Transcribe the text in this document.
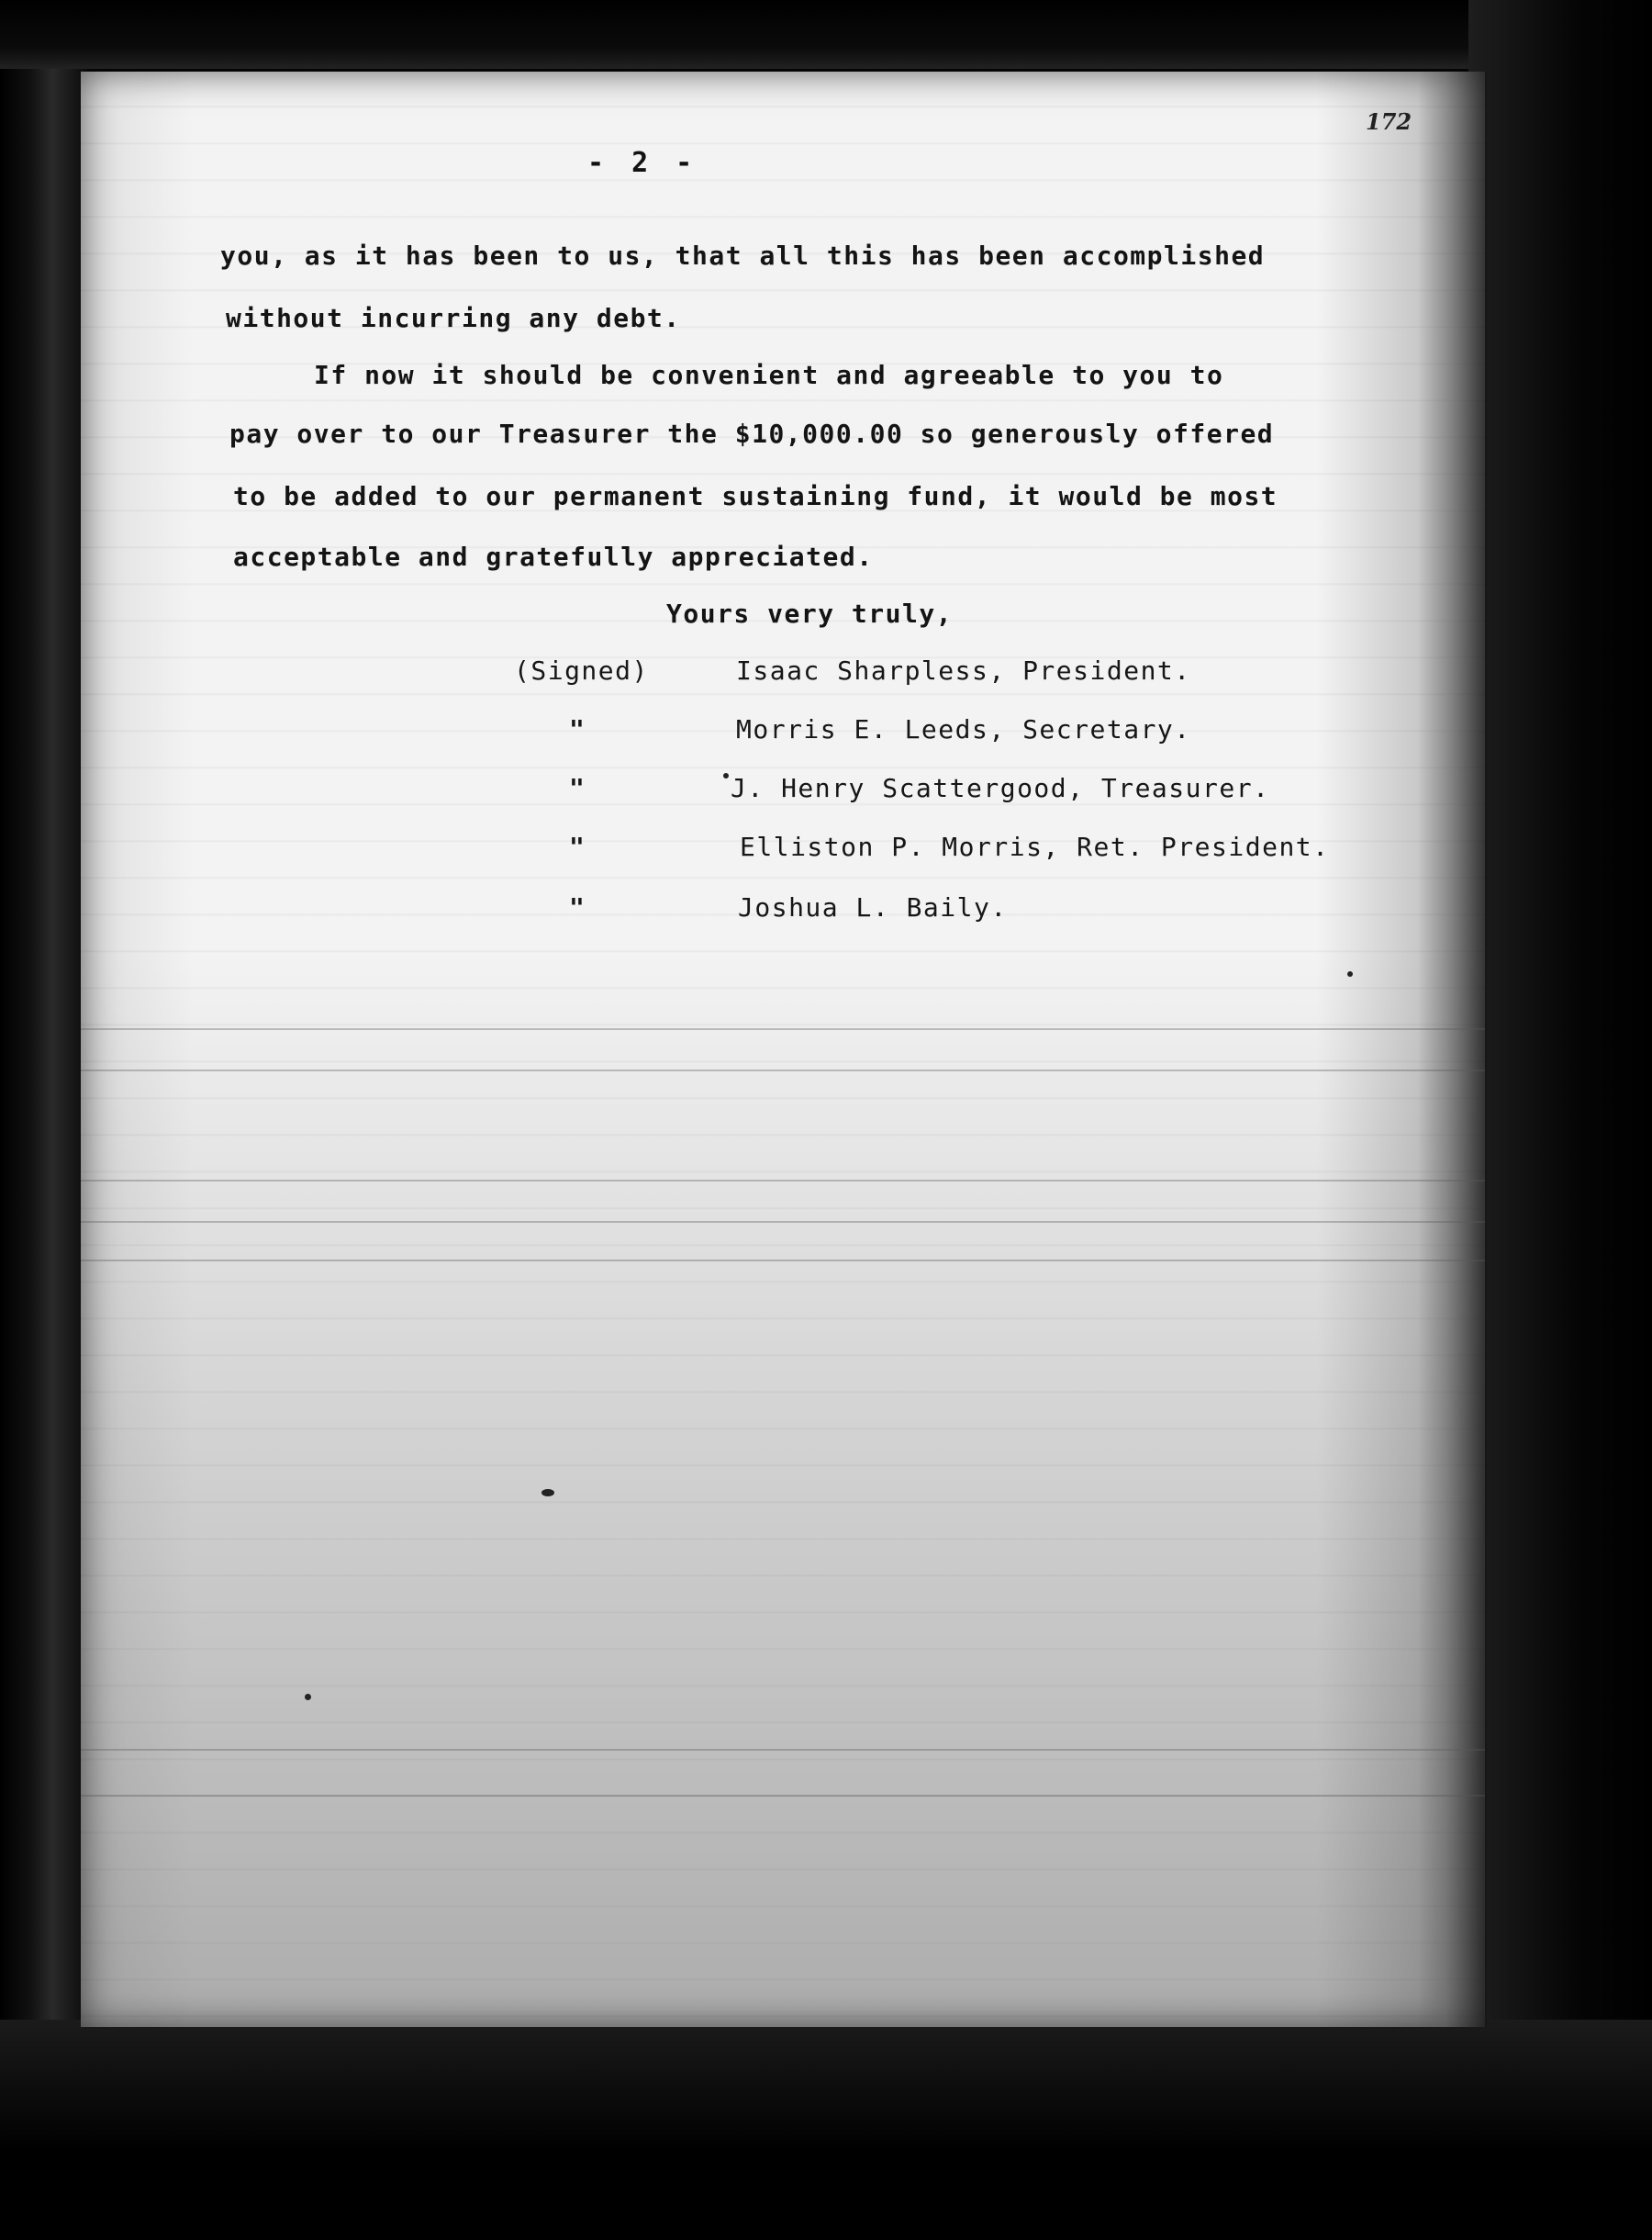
- 2 -
172
you, as it has been to us, that all this has been accomplished
without incurring any debt.
If now it should be convenient and agreeable to you to
pay over to our Treasurer the $10,000.00 so generously offered
to be added to our permanent sustaining fund, it would be most
acceptable and gratefully appreciated.
Yours very truly,
(Signed)	Isaac Sharpless, President.
"	Morris E. Leeds, Secretary.
"	J. Henry Scattergood, Treasurer.
"	Elliston P. Morris, Ret. President.
"	Joshua L. Baily.
